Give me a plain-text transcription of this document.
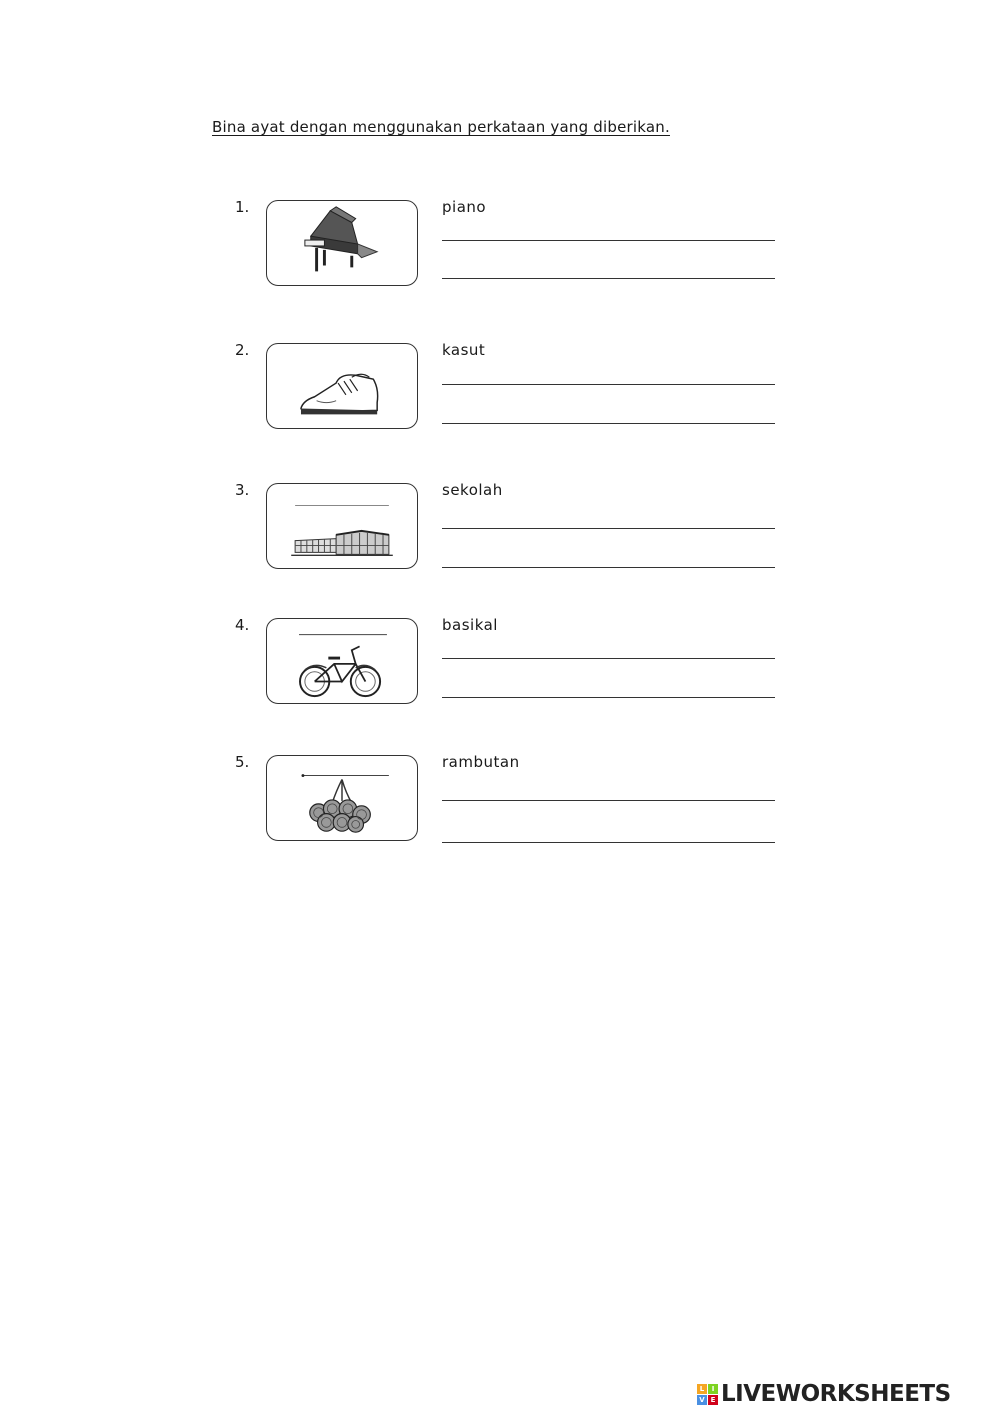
Bina ayat dengan menggunakan perkataan yang diberikan.
1.	piano
2.	kasut
3.	sekolah
4.	basikal
5.	rambutan
L	I
V E LIVEWORKSHEETS
